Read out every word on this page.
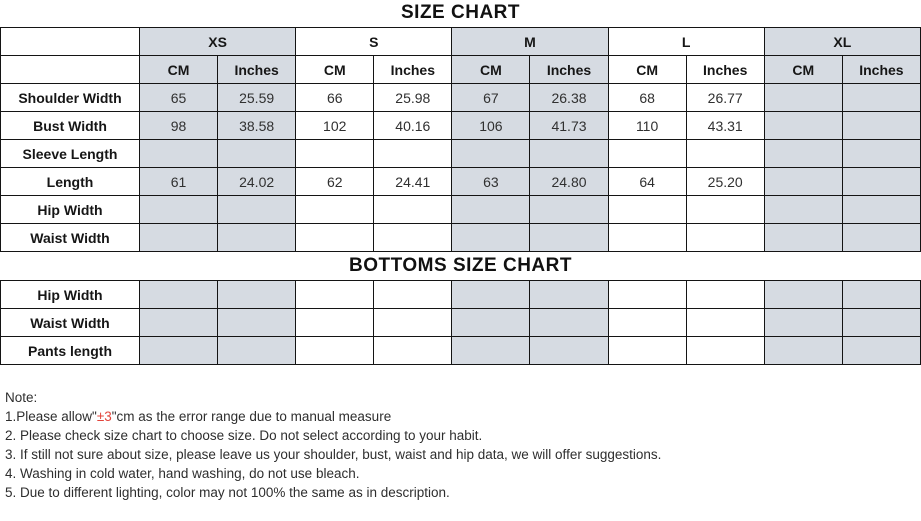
SIZE CHART
	XS		S		M		L		XL	
	CM	Inches	CM	Inches	CM	Inches	CM	Inches	CM	Inches
Shoulder Width	65	25.59	66	25.98	67	26.38	68	26.77		
Bust Width	98	38.58	102	40.16	106	41.73	110	43.31		
Sleeve Length										
Length	61	24.02	62	24.41	63	24.80	64	25.20		
Hip Width										
Waist Width										
BOTTOMS SIZE CHART
Hip Width										
Waist Width										
Pants length										
Note:
1.Please allow"±3"cm as the error range due to manual measure
2. Please check size chart to choose size. Do not select according to your habit.
3. If still not sure about size, please leave us your shoulder, bust, waist and hip data, we will offer suggestions.
4. Washing in cold water, hand washing, do not use bleach.
5. Due to different lighting, color may not 100% the same as in description.
